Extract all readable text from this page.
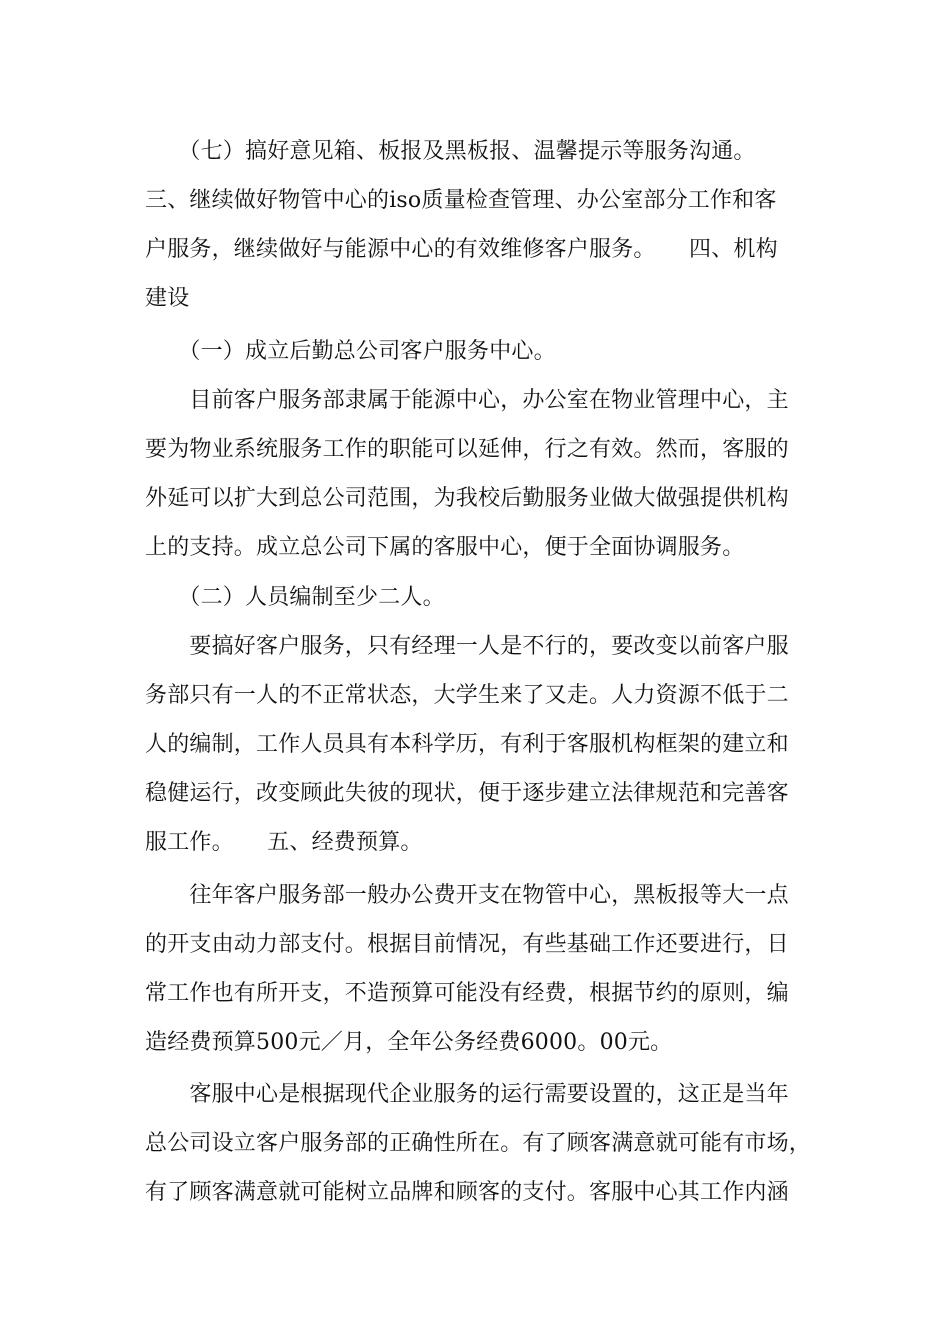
　　（七）搞好意见箱、板报及黑板报、温馨提示等服务沟通。
三、继续做好物管中心的iso质量检查管理、办公室部分工作和客
户服务，继续做好与能源中心的有效维修客户服务。　　四、机构
建设
　　（一）成立后勤总公司客户服务中心。
　　目前客户服务部隶属于能源中心，办公室在物业管理中心，主
要为物业系统服务工作的职能可以延伸，行之有效。然而，客服的
外延可以扩大到总公司范围，为我校后勤服务业做大做强提供机构
上的支持。成立总公司下属的客服中心，便于全面协调服务。
　　（二）人员编制至少二人。
　　要搞好客户服务，只有经理一人是不行的，要改变以前客户服
务部只有一人的不正常状态，大学生来了又走。人力资源不低于二
人的编制，工作人员具有本科学历，有利于客服机构框架的建立和
稳健运行，改变顾此失彼的现状，便于逐步建立法律规范和完善客
服工作。　　五、经费预算。
　　往年客户服务部一般办公费开支在物管中心，黑板报等大一点
的开支由动力部支付。根据目前情况，有些基础工作还要进行，日
常工作也有所开支，不造预算可能没有经费，根据节约的原则，编
造经费预算500元／月，全年公务经费6000。00元。
　　客服中心是根据现代企业服务的运行需要设置的，这正是当年
总公司设立客户服务部的正确性所在。有了顾客满意就可能有市场，
有了顾客满意就可能树立品牌和顾客的支付。客服中心其工作内涵
